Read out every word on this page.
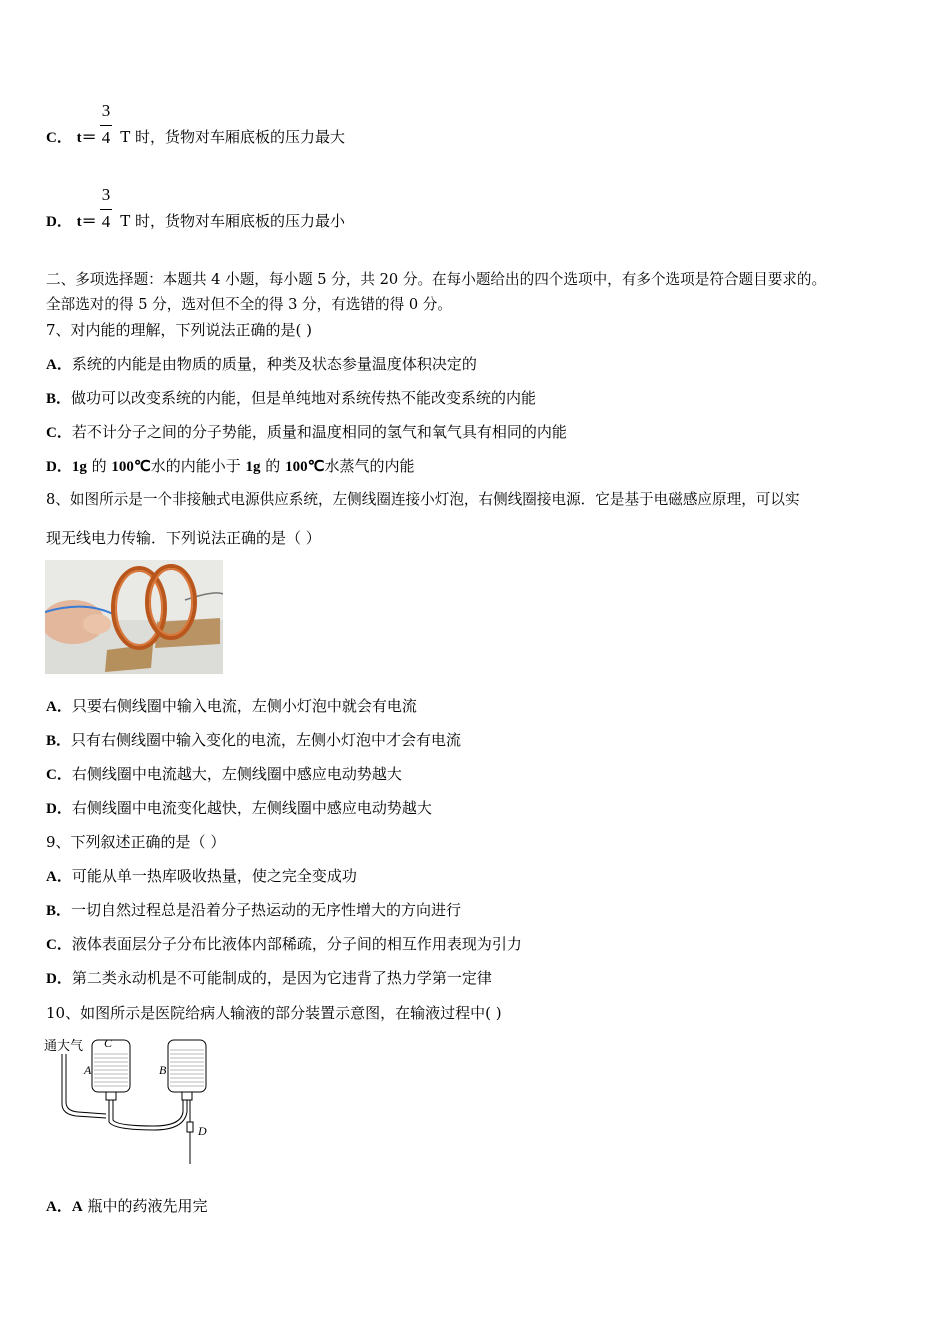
C． t＝ T 时，货物对车厢底板的压力最大
3
4
D． t＝ T 时，货物对车厢底板的压力最小
3
4
二、多项选择题：本题共 4 小题，每小题 5 分，共 20 分。在每小题给出的四个选项中，有多个选项是符合题目要求的。
全部选对的得 5 分，选对但不全的得 3 分，有选错的得 0 分。
7、对内能的理解，下列说法正确的是( )
A．系统的内能是由物质的质量，种类及状态参量温度体积决定的
B．做功可以改变系统的内能，但是单纯地对系统传热不能改变系统的内能
C．若不计分子之间的分子势能，质量和温度相同的氢气和氧气具有相同的内能
D．1g 的 100℃水的内能小于 1g 的 100℃水蒸气的内能
8、如图所示是一个非接触式电源供应系统，左侧线圈连接小灯泡，右侧线圈接电源．它是基于电磁感应原理，可以实
现无线电力传输．下列说法正确的是（ ）
A．只要右侧线圈中输入电流，左侧小灯泡中就会有电流
B．只有右侧线圈中输入变化的电流，左侧小灯泡中才会有电流
C．右侧线圈中电流越大，左侧线圈中感应电动势越大
D．右侧线圈中电流变化越快，左侧线圈中感应电动势越大
9、下列叙述正确的是（ ）
A．可能从单一热库吸收热量，使之完全变成功
B．一切自然过程总是沿着分子热运动的无序性增大的方向进行
C．液体表面层分子分布比液体内部稀疏，分子间的相互作用表现为引力
D．第二类永动机是不可能制成的，是因为它违背了热力学第一定律
10、如图所示是医院给病人输液的部分装置示意图，在输液过程中( )
通大气
A
C
B
D
A．A 瓶中的药液先用完
